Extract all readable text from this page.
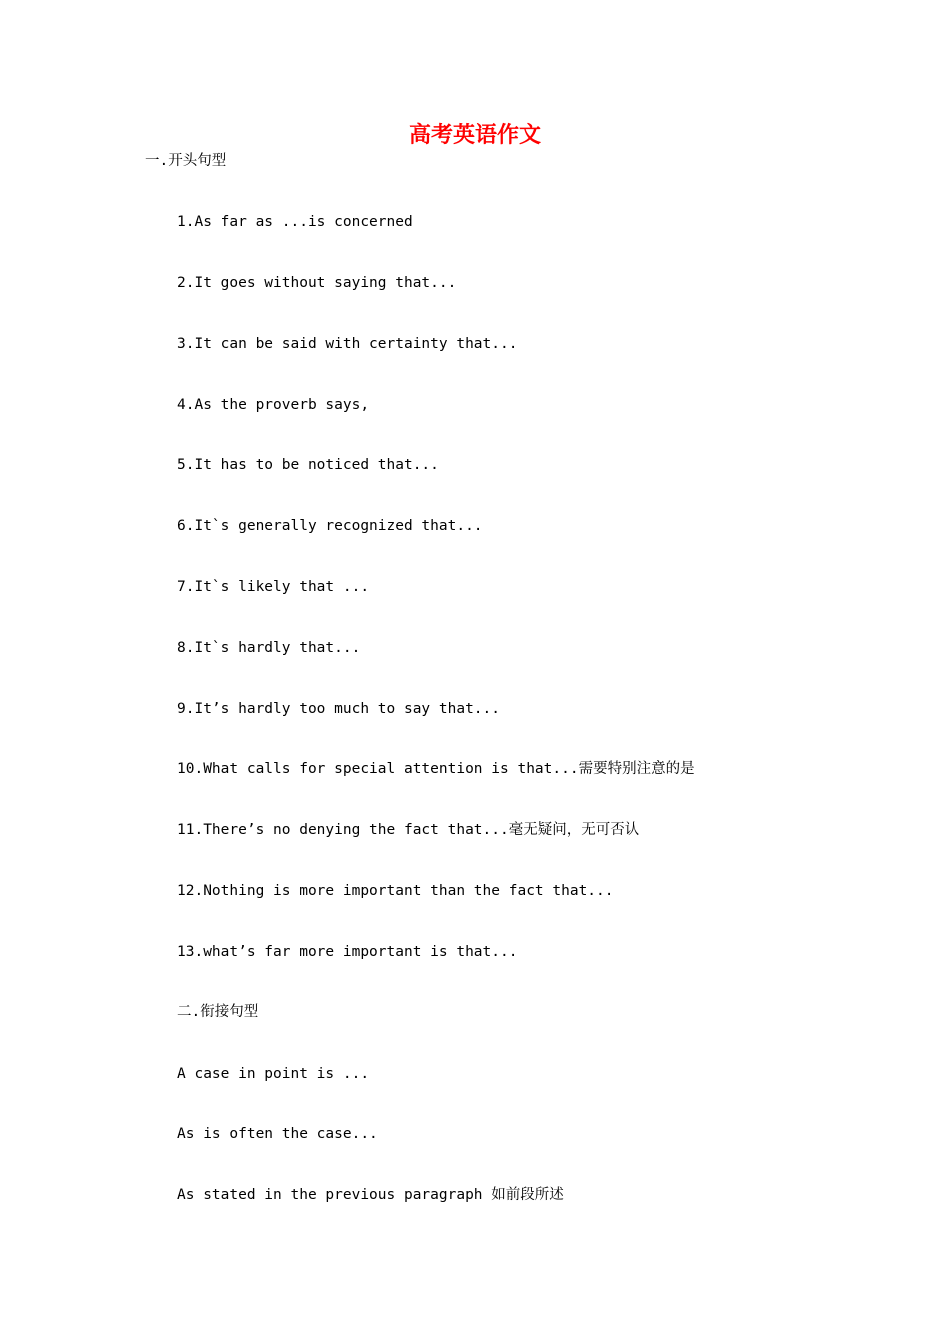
高考英语作文
一.开头句型
1.As far as ...is concerned
2.It goes without saying that...
3.It can be said with certainty that...
4.As the proverb says,
5.It has to be noticed that...
6.It`s generally recognized that...
7.It`s likely that ...
8.It`s hardly that...
9.It’s hardly too much to say that...
10.What calls for special attention is that...需要特别注意的是
11.There’s no denying the fact that...毫无疑问，无可否认
12.Nothing is more important than the fact that...
13.what’s far more important is that...
二.衔接句型
A case in point is ...
As is often the case...
As stated in the previous paragraph 如前段所述
